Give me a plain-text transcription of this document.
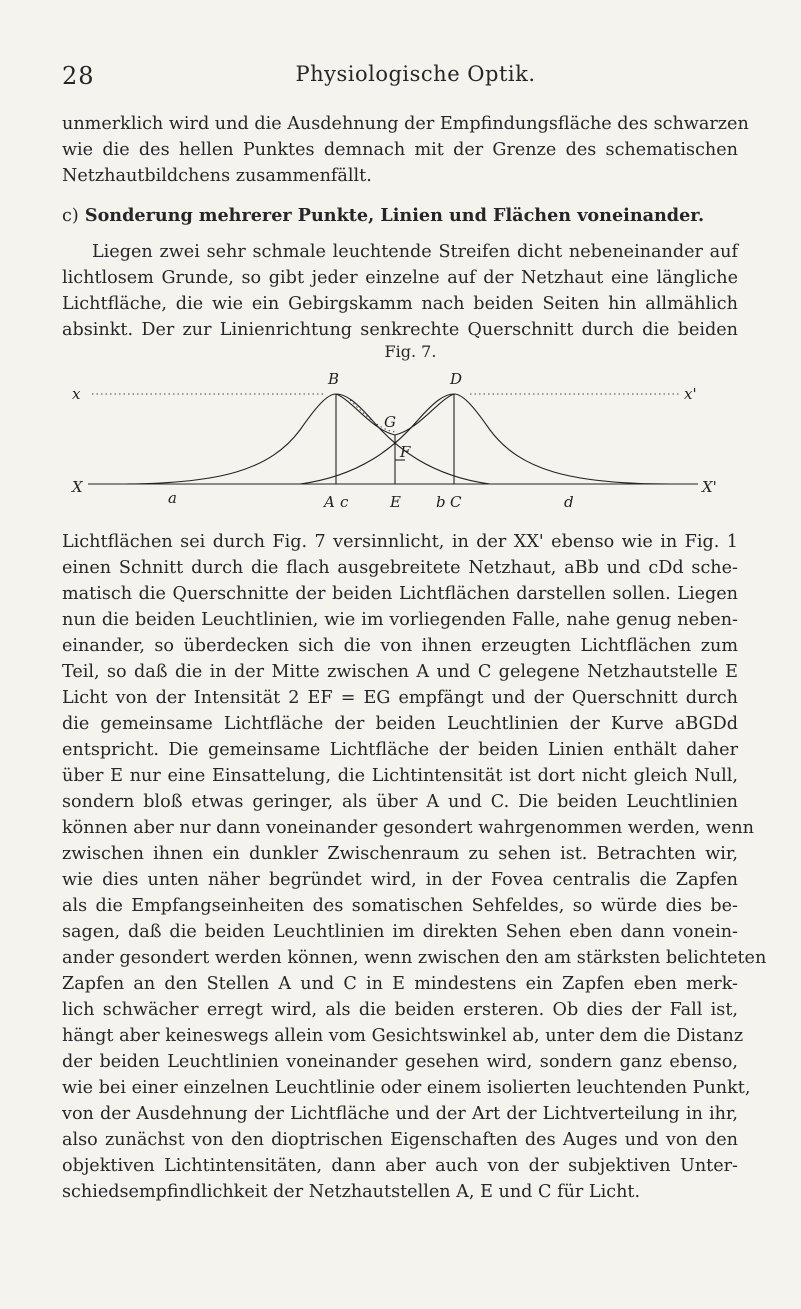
28	Physiologische Optik.
unmerklich wird und die Ausdehnung der Empfindungsfläche des schwarzen
wie die des hellen Punktes demnach mit der Grenze des schematischen
Netzhautbildchens zusammenfällt.
c) Sonderung mehrerer Punkte, Linien und Flächen voneinander.
Liegen zwei sehr schmale leuchtende Streifen dicht nebeneinander auf
lichtlosem Grunde, so gibt jeder einzelne auf der Netzhaut eine längliche
Lichtfläche, die wie ein Gebirgskamm nach beiden Seiten hin allmählich
absinkt. Der zur Linienrichtung senkrechte Querschnitt durch die beiden
Fig. 7.
x	x'
X	X'
B	D
G
F
a	A c	E b C	d
Lichtflächen sei durch Fig. 7 versinnlicht, in der XX' ebenso wie in Fig. 1
einen Schnitt durch die flach ausgebreitete Netzhaut, aBb und cDd sche-
matisch die Querschnitte der beiden Lichtflächen darstellen sollen. Liegen
nun die beiden Leuchtlinien, wie im vorliegenden Falle, nahe genug neben-
einander, so überdecken sich die von ihnen erzeugten Lichtflächen zum
Teil, so daß die in der Mitte zwischen A und C gelegene Netzhautstelle E
Licht von der Intensität 2 EF = EG empfängt und der Querschnitt durch
die gemeinsame Lichtfläche der beiden Leuchtlinien der Kurve aBGDd
entspricht. Die gemeinsame Lichtfläche der beiden Linien enthält daher
über E nur eine Einsattelung, die Lichtintensität ist dort nicht gleich Null,
sondern bloß etwas geringer, als über A und C. Die beiden Leuchtlinien
können aber nur dann voneinander gesondert wahrgenommen werden, wenn
zwischen ihnen ein dunkler Zwischenraum zu sehen ist. Betrachten wir,
wie dies unten näher begründet wird, in der Fovea centralis die Zapfen
als die Empfangseinheiten des somatischen Sehfeldes, so würde dies be-
sagen, daß die beiden Leuchtlinien im direkten Sehen eben dann vonein-
ander gesondert werden können, wenn zwischen den am stärksten belichteten
Zapfen an den Stellen A und C in E mindestens ein Zapfen eben merk-
lich schwächer erregt wird, als die beiden ersteren. Ob dies der Fall ist,
hängt aber keineswegs allein vom Gesichtswinkel ab, unter dem die Distanz
der beiden Leuchtlinien voneinander gesehen wird, sondern ganz ebenso,
wie bei einer einzelnen Leuchtlinie oder einem isolierten leuchtenden Punkt,
von der Ausdehnung der Lichtfläche und der Art der Lichtverteilung in ihr,
also zunächst von den dioptrischen Eigenschaften des Auges und von den
objektiven Lichtintensitäten, dann aber auch von der subjektiven Unter-
schiedsempfindlichkeit der Netzhautstellen A, E und C für Licht.
